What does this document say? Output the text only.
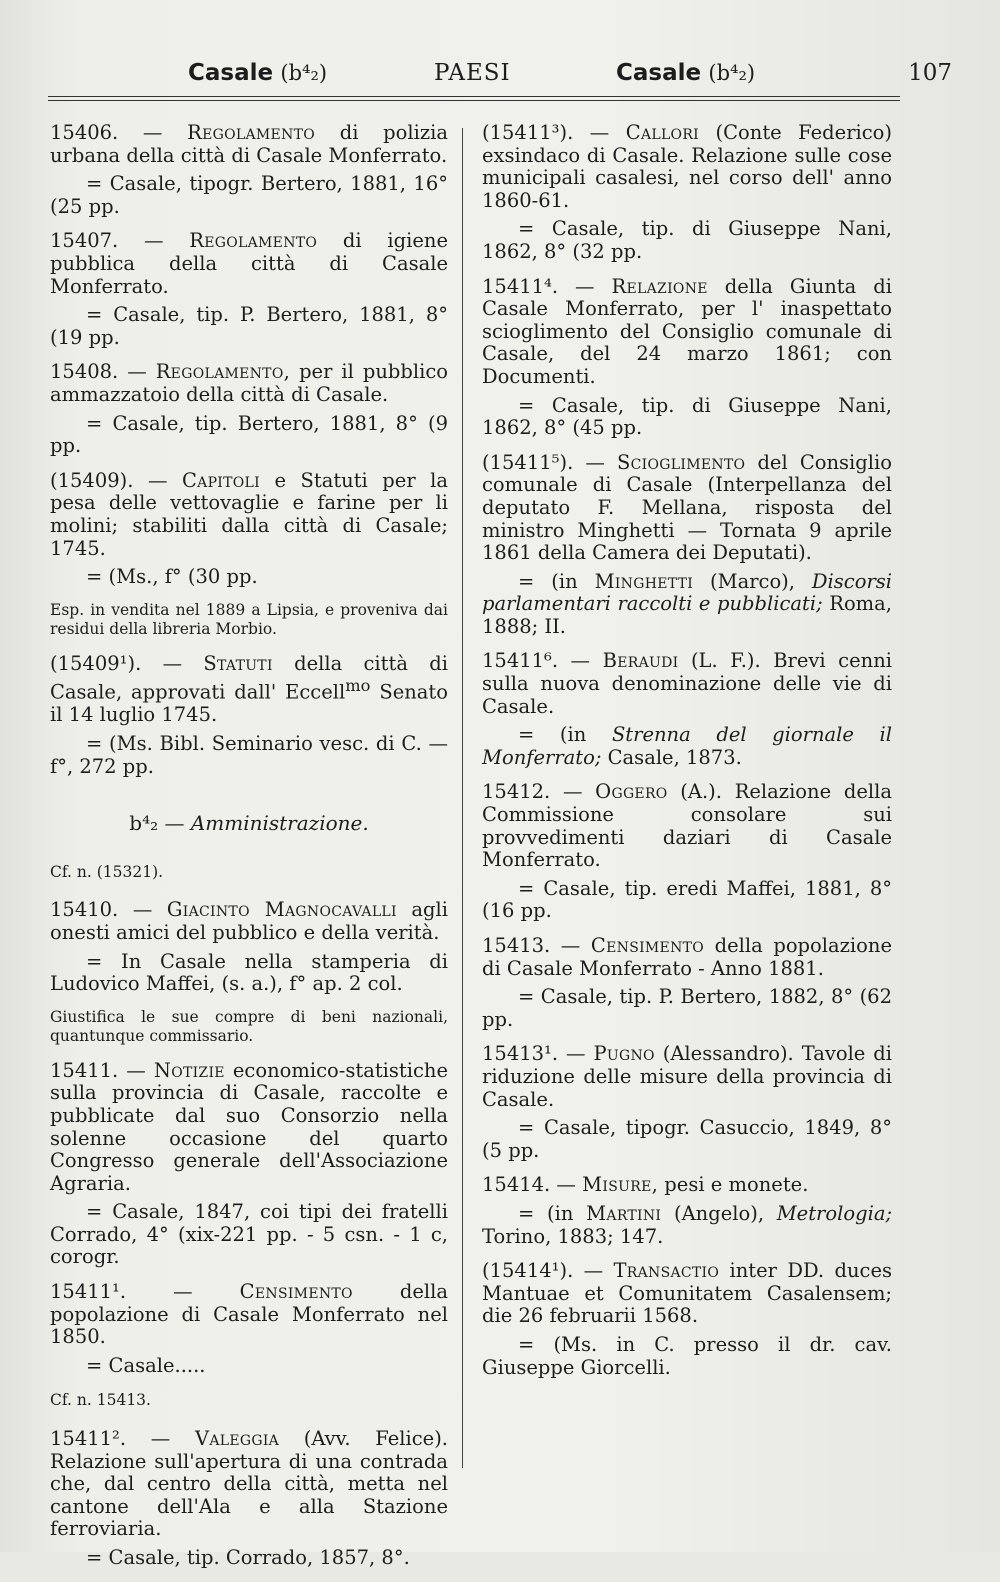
Casale (b⁴₂)	PAESI	Casale (b⁴₂)	107

15406. — Regolamento di polizia urbana della città di Casale Monferrato.

= Casale, tipogr. Bertero, 1881, 16° (25 pp.

15407. — Regolamento di igiene pubblica della città di Casale Monferrato.

= Casale, tip. P. Bertero, 1881, 8° (19 pp.

15408. — Regolamento, per il pubblico ammazzatoio della città di Casale.

= Casale, tip. Bertero, 1881, 8° (9 pp.

(15409). — Capitoli e Statuti per la pesa delle vettovaglie e farine per li molini; stabiliti dalla città di Casale; 1745.

= (Ms., f° (30 pp.

Esp. in vendita nel 1889 a Lipsia, e proveniva dai residui della libreria Morbio.

(15409¹). — Statuti della città di Casale, approvati dall' Eccell$^{mo}$ Senato il 14 luglio 1745.

= (Ms. Bibl. Seminario vesc. di C. — f°, 272 pp.

b⁴₂ — Amministrazione.

Cf. n. (15321).

15410. — Giacinto Magnocavalli agli onesti amici del pubblico e della verità.

= In Casale nella stamperia di Ludovico Maffei, (s. a.), f° ap. 2 col.

Giustifica le sue compre di beni nazionali, quantunque commissario.

15411. — Notizie economico-statistiche sulla provincia di Casale, raccolte e pubblicate dal suo Consorzio nella solenne occasione del quarto Congresso generale dell'Associazione Agraria.

= Casale, 1847, coi tipi dei fratelli Corrado, 4° (xix-221 pp. - 5 csn. - 1 c, corogr.

15411¹. — Censimento della popolazione di Casale Monferrato nel 1850.

= Casale.....

Cf. n. 15413.

15411². — Valeggia (Avv. Felice). Relazione sull'apertura di una contrada che, dal centro della città, metta nel cantone dell'Ala e alla Stazione ferroviaria.

= Casale, tip. Corrado, 1857, 8°.

(15411³). — Callori (Conte Federico) exsindaco di Casale. Relazione sulle cose municipali casalesi, nel corso dell' anno 1860-61.

= Casale, tip. di Giuseppe Nani, 1862, 8° (32 pp.

15411⁴. — Relazione della Giunta di Casale Monferrato, per l' inaspettato scioglimento del Consiglio comunale di Casale, del 24 marzo 1861; con Documenti.

= Casale, tip. di Giuseppe Nani, 1862, 8° (45 pp.

(15411⁵). — Scioglimento del Consiglio comunale di Casale (Interpellanza del deputato F. Mellana, risposta del ministro Minghetti — Tornata 9 aprile 1861 della Camera dei Deputati).

= (in Minghetti (Marco), Discorsi parlamentari raccolti e pubblicati; Roma, 1888; II.

15411⁶. — Beraudi (L. F.). Brevi cenni sulla nuova denominazione delle vie di Casale.

= (in Strenna del giornale il Monferrato; Casale, 1873.

15412. — Oggero (A.). Relazione della Commissione consolare sui provvedimenti daziari di Casale Monferrato.

= Casale, tip. eredi Maffei, 1881, 8° (16 pp.

15413. — Censimento della popolazione di Casale Monferrato - Anno 1881.

= Casale, tip. P. Bertero, 1882, 8° (62 pp.

15413¹. — Pugno (Alessandro). Tavole di riduzione delle misure della provincia di Casale.

= Casale, tipogr. Casuccio, 1849, 8° (5 pp.

15414. — Misure, pesi e monete.

= (in Martini (Angelo), Metrologia; Torino, 1883; 147.

(15414¹). — Transactio inter DD. duces Mantuae et Comunitatem Casalensem; die 26 februarii 1568.

= (Ms. in C. presso il dr. cav. Giuseppe Giorcelli.
